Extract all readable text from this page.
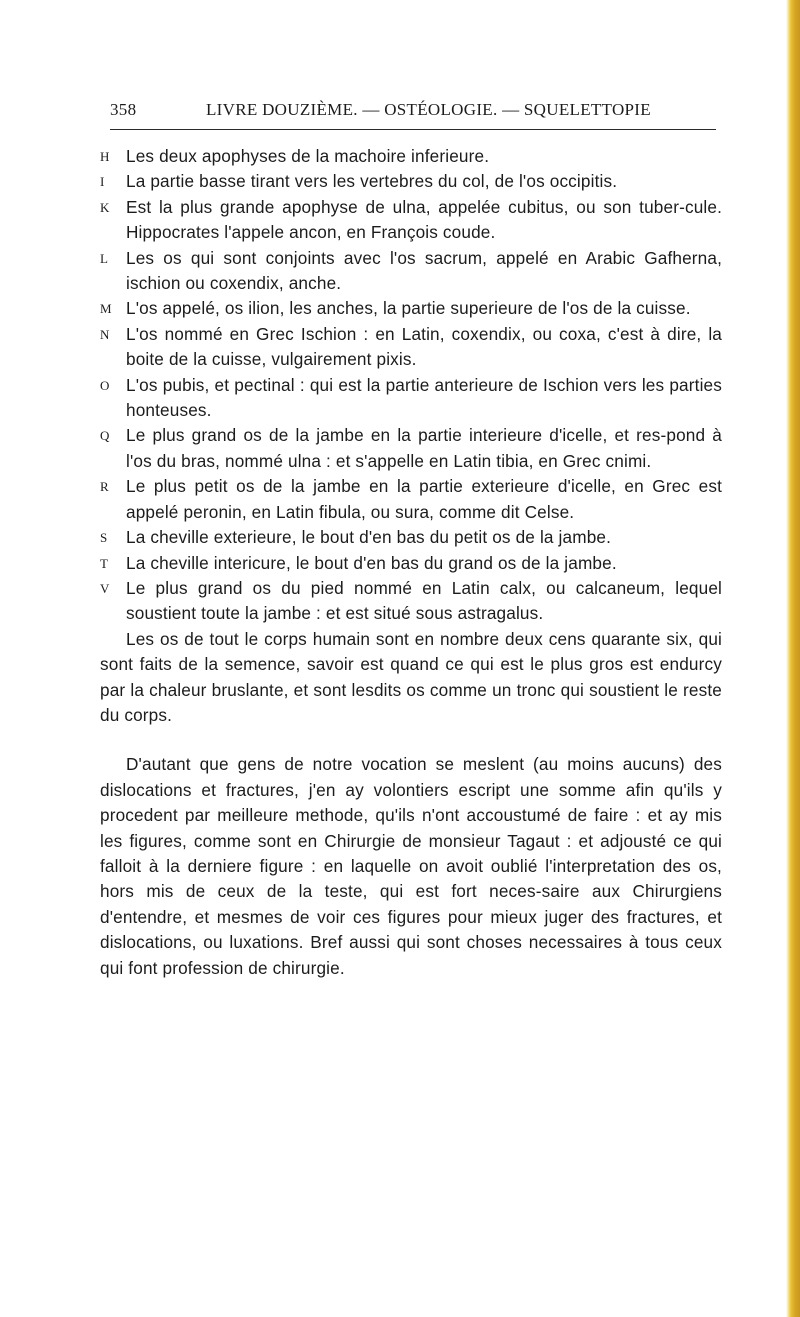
358	LIVRE DOUZIÈME. — OSTÉOLOGIE. — SQUELETTOPIE
H Les deux apophyses de la machoire inferieure.
I	La partie basse tirant vers les vertebres du col, de l'os occipitis.
K Est la plus grande apophyse de ulna, appelée cubitus, ou son tuber-cule. Hippocrates l'appele ancon, en François coude.
L	Les os qui sont conjoints avec l'os sacrum, appelé en Arabic Gafherna, ischion ou coxendix, anche.
M L'os appelé, os ilion, les anches, la partie superieure de l'os de la cuisse.
N L'os nommé en Grec Ischion : en Latin, coxendix, ou coxa, c'est à dire, la boite de la cuisse, vulgairement pixis.
O L'os pubis, et pectinal : qui est la partie anterieure de Ischion vers les parties honteuses.
Q Le plus grand os de la jambe en la partie interieure d'icelle, et res-pond à l'os du bras, nommé ulna : et s'appelle en Latin tibia, en Grec cnimi.
R Le plus petit os de la jambe en la partie exterieure d'icelle, en Grec est appelé peronin, en Latin fibula, ou sura, comme dit Celse.
S	La cheville exterieure, le bout d'en bas du petit os de la jambe.
T	La cheville intericure, le bout d'en bas du grand os de la jambe.
V Le plus grand os du pied nommé en Latin calx, ou calcaneum, lequel soustient toute la jambe : et est situé sous astragalus.

Les os de tout le corps humain sont en nombre deux cens quarante six, qui sont faits de la semence, savoir est quand ce qui est le plus gros est endurcy par la chaleur bruslante, et sont lesdits os comme un tronc qui soustient le reste du corps.

D'autant que gens de notre vocation se meslent (au moins aucuns) des dislocations et fractures, j'en ay volontiers escript une somme afin qu'ils y procedent par meilleure methode, qu'ils n'ont accoustumé de faire : et ay mis les figures, comme sont en Chirurgie de monsieur Tagaut : et adjousté ce qui falloit à la derniere figure : en laquelle on avoit oublié l'interpretation des os, hors mis de ceux de la teste, qui est fort neces-saire aux Chirurgiens d'entendre, et mesmes de voir ces figures pour mieux juger des fractures, et dislocations, ou luxations. Bref aussi qui sont choses necessaires à tous ceux qui font profession de chirurgie.
